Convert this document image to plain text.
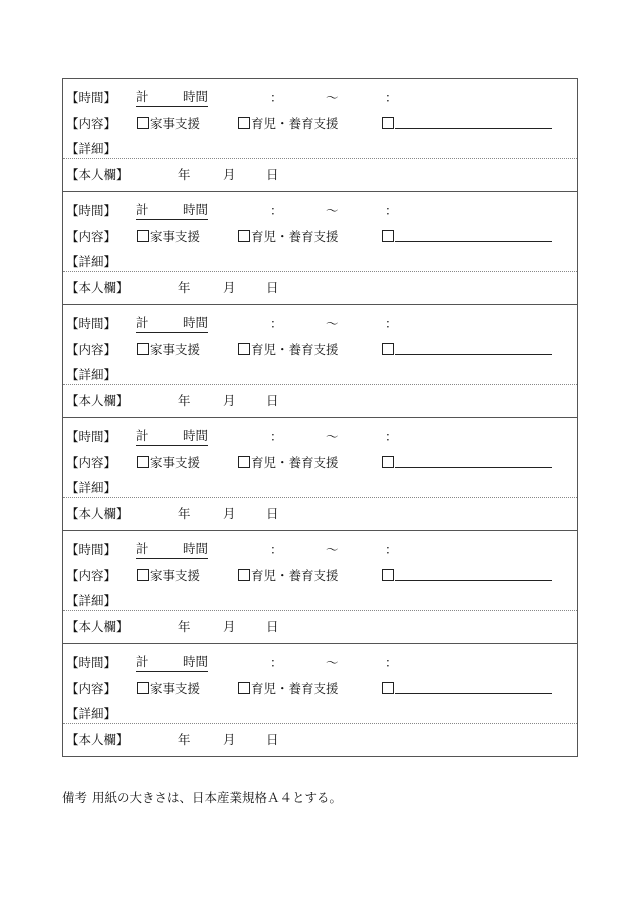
【時間】 計	時間	：	～	：
【内容】	家事支援	育児・養育支援
【詳細】
【本人欄】	年	月 日
【時間】 計	時間	：	～	：
【内容】	家事支援	育児・養育支援
【詳細】
【本人欄】	年	月 日
【時間】 計	時間	：	～	：
【内容】	家事支援	育児・養育支援
【詳細】
【本人欄】	年	月 日
【時間】 計	時間	：	～	：
【内容】	家事支援	育児・養育支援
【詳細】
【本人欄】	年	月 日
【時間】 計	時間	：	～	：
【内容】	家事支援	育児・養育支援
【詳細】
【本人欄】	年	月 日
【時間】 計	時間	：	～	：
【内容】	家事支援	育児・養育支援
【詳細】
【本人欄】	年	月 日
備考 用紙の大きさは、日本産業規格Ａ４とする。
